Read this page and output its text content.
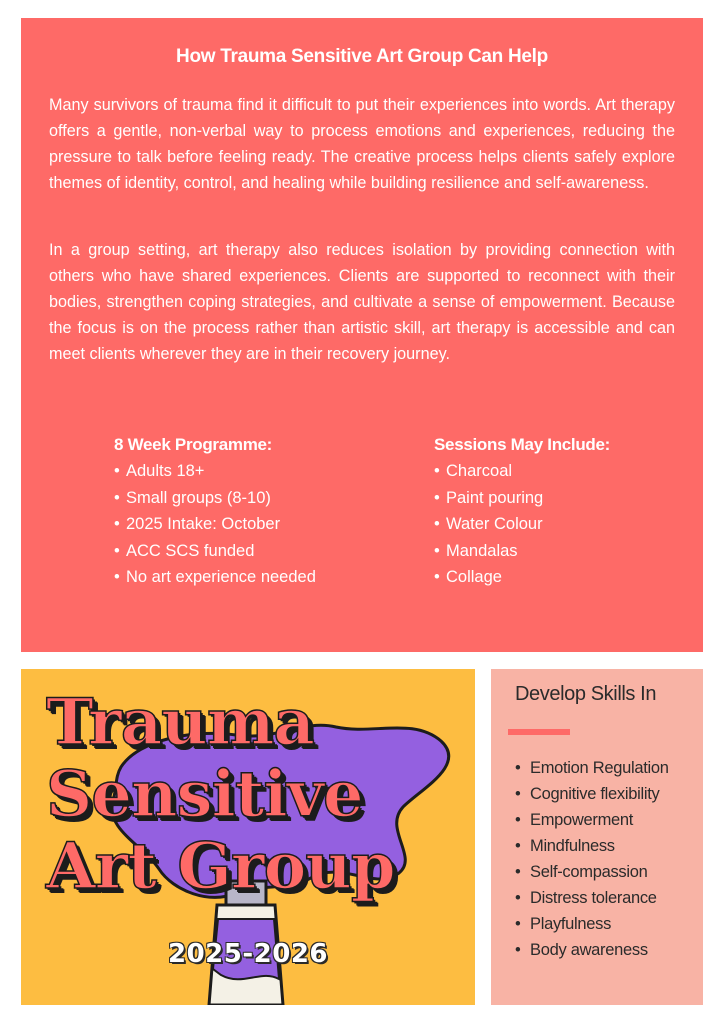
How Trauma Sensitive Art Group Can Help

Many survivors of trauma find it difficult to put their experiences into words. Art therapy offers a gentle, non-verbal way to process emotions and experiences, reducing the pressure to talk before feeling ready. The creative process helps clients safely explore themes of identity, control, and healing while building resilience and self-awareness.

In a group setting, art therapy also reduces isolation by providing connection with others who have shared experiences. Clients are supported to reconnect with their bodies, strengthen coping strategies, and cultivate a sense of empowerment. Because the focus is on the process rather than artistic skill, art therapy is accessible and can meet clients wherever they are in their recovery journey.

8 Week Programme:
• Adults 18+
• Small groups (8-10)
• 2025 Intake: October
• ACC SCS funded
• No art experience needed
Sessions May Include:
• Charcoal
• Paint pouring
• Water Colour
• Mandalas
• Collage
Trauma
Sensitive
Art Group
2025-2026
Develop Skills In
• Emotion Regulation
• Cognitive flexibility
• Empowerment
• Mindfulness
• Self-compassion
• Distress tolerance
• Playfulness
• Body awareness
